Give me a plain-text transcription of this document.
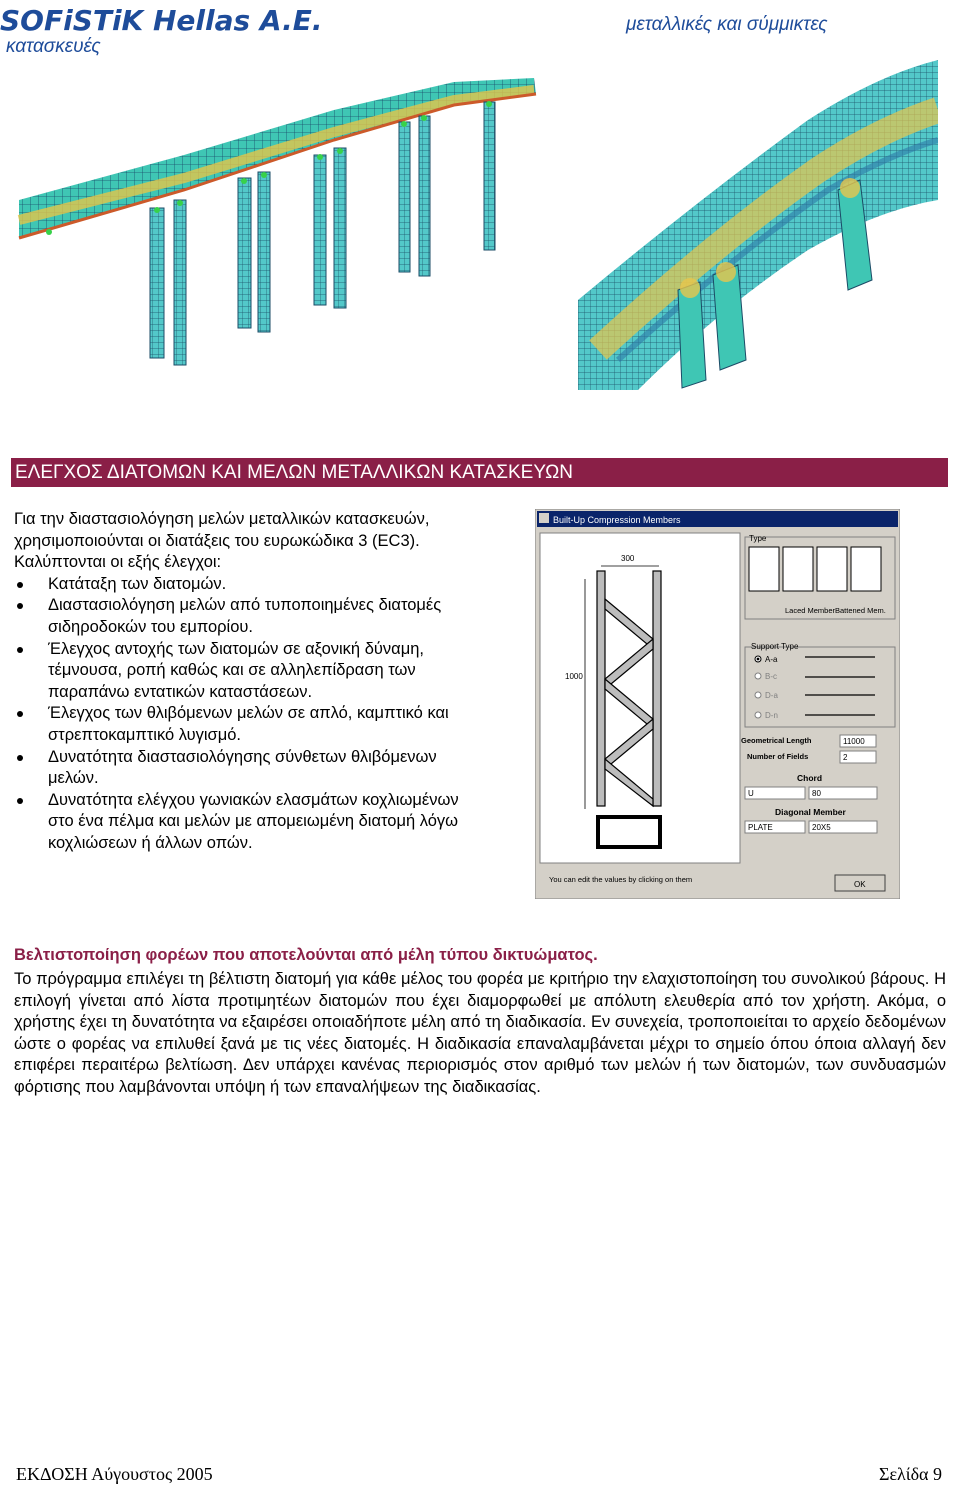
SOFiSTiK Hellas A.E.
κατασκευές
μεταλλικές και σύμμικτες
ΕΛΕΓΧΟΣ ΔΙΑΤΟΜΩΝ ΚΑΙ ΜΕΛΩΝ ΜΕΤΑΛΛΙΚΩΝ ΚΑΤΑΣΚΕΥΩΝ

Για την διαστασιολόγηση μελών μεταλλικών κατασκευών, χρησιμοποιούνται οι διατάξεις του ευρωκώδικα 3 (EC3).

Καλύπτονται οι εξής έλεγχοι:

Κατάταξη των διατομών.
Διαστασιολόγηση μελών από τυποποιημένες διατομές σιδηροδοκών του εμπορίου.
Έλεγχος αντοχής των διατομών σε αξονική δύναμη, τέμνουσα, ροπή καθώς και σε αλληλεπίδραση των παραπάνω εντατικών καταστάσεων.
Έλεγχος των θλιβόμενων μελών σε απλό, καμπτικό και στρεπτοκαμπτικό λυγισμό.
Δυνατότητα διαστασιολόγησης σύνθετων θλιβόμενων μελών.
Δυνατότητα ελέγχου γωνιακών ελασμάτων κοχλιωμένων στο ένα πέλμα και μελών με απομειωμένη διατομή λόγω κοχλιώσεων ή άλλων οπών.
Built-Up Compression Members
300
1000
Type
Laced Member Battened Mem.
Support Type
A-a
B-c
D-a
D-n
Geometrical Length	11000
Number of Fields	2
Chord
U	80
Diagonal Member
PLATE	20X5
You can edit the values by clicking on them
OK
Βελτιστοποίηση φορέων που αποτελούνται από μέλη τύπου δικτυώματος.

Το πρόγραμμα επιλέγει τη βέλτιστη διατομή για κάθε μέλος του φορέα με κριτήριο την ελαχιστοποίηση του συνολικού βάρους. Η επιλογή γίνεται από λίστα προτιμητέων διατομών που έχει διαμορφωθεί με απόλυτη ελευθερία από τον χρήστη. Ακόμα, ο χρήστης έχει τη δυνατότητα να εξαιρέσει οποιαδήποτε μέλη από τη διαδικασία. Εν συνεχεία, τροποποιείται το αρχείο δεδομένων ώστε ο φορέας να επιλυθεί ξανά με τις νέες διατομές. Η διαδικασία επαναλαμβάνεται μέχρι το σημείο όπου όποια αλλαγή δεν επιφέρει περαιτέρω βελτίωση. Δεν υπάρχει κανένας περιορισμός στον αριθμό των μελών ή των διατομών, των συνδυασμών φόρτισης που λαμβάνονται υπόψη ή των επαναλήψεων της διαδικασίας.

ΕΚΔΟΣΗ Αύγουστος 2005	Σελίδα 9
